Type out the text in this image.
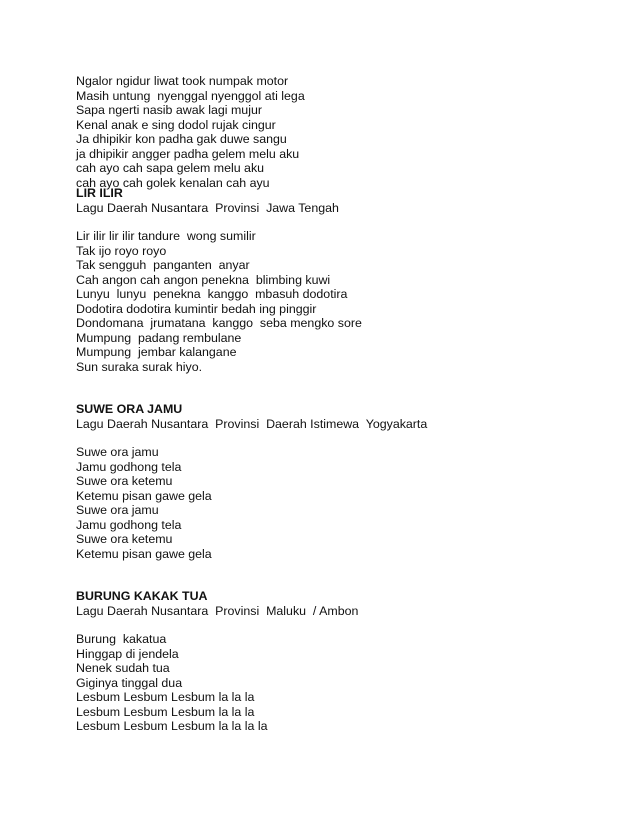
Ngalor ngidur liwat took numpak motor
Masih untung  nyenggal nyenggol ati lega
Sapa ngerti nasib awak lagi mujur
Kenal anak e sing dodol rujak cingur
Ja dhipikir kon padha gak duwe sangu
ja dhipikir angger padha gelem melu aku
cah ayo cah sapa gelem melu aku
cah ayo cah golek kenalan cah ayu
LIR ILIR
Lagu Daerah Nusantara  Provinsi  Jawa Tengah
Lir ilir lir ilir tandure  wong sumilir
Tak ijo royo royo
Tak sengguh  panganten  anyar
Cah angon cah angon penekna  blimbing kuwi
Lunyu  lunyu  penekna  kanggo  mbasuh dodotira
Dodotira dodotira kumintir bedah ing pinggir
Dondomana  jrumatana  kanggo  seba mengko sore
Mumpung  padang rembulane
Mumpung  jembar kalangane
Sun suraka surak hiyo.
SUWE ORA JAMU
Lagu Daerah Nusantara  Provinsi  Daerah Istimewa  Yogyakarta
Suwe ora jamu
Jamu godhong tela
Suwe ora ketemu
Ketemu pisan gawe gela
Suwe ora jamu
Jamu godhong tela
Suwe ora ketemu
Ketemu pisan gawe gela
BURUNG KAKAK TUA
Lagu Daerah Nusantara  Provinsi  Maluku  / Ambon
Burung  kakatua
Hinggap di jendela
Nenek sudah tua
Giginya tinggal dua
Lesbum Lesbum Lesbum la la la
Lesbum Lesbum Lesbum la la la
Lesbum Lesbum Lesbum la la la la
